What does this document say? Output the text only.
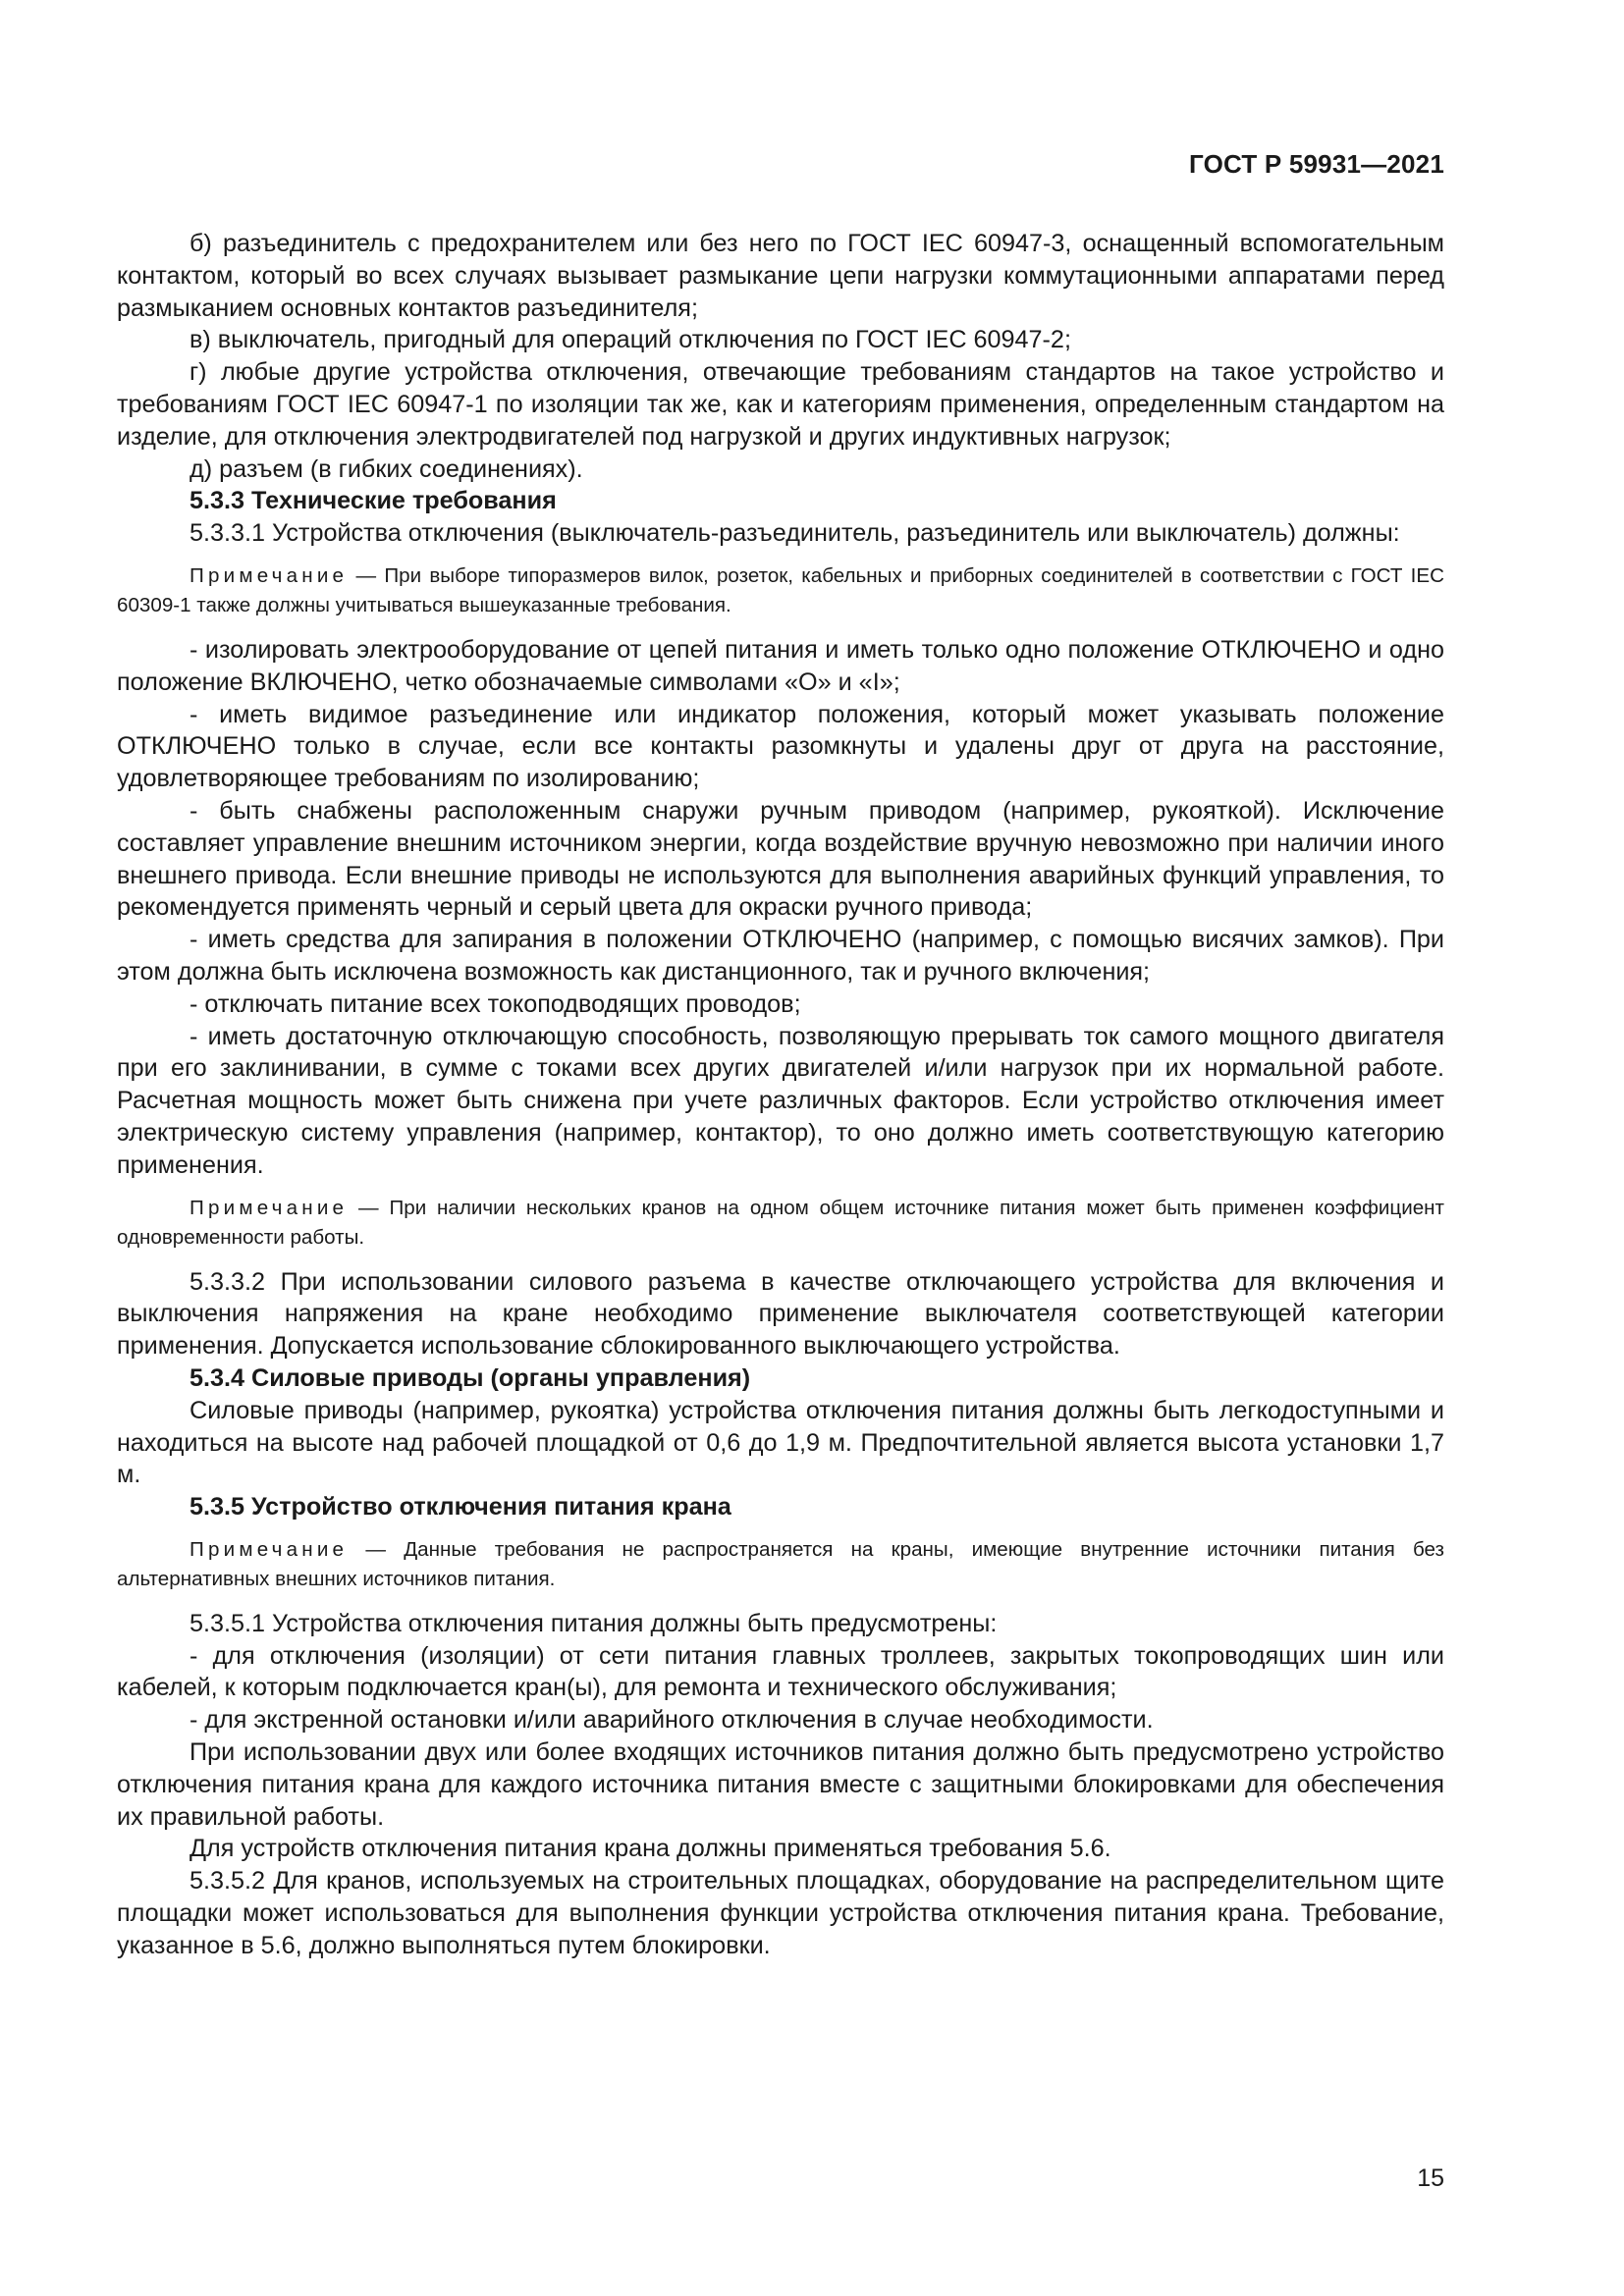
ГОСТ Р 59931—2021

б) разъединитель с предохранителем или без него по ГОСТ IEC 60947-3, оснащенный вспомогательным контактом, который во всех случаях вызывает размыкание цепи нагрузки коммутационными аппаратами перед размыканием основных контактов разъединителя;

в) выключатель, пригодный для операций отключения по ГОСТ IEC 60947-2;

г) любые другие устройства отключения, отвечающие требованиям стандартов на такое устройство и требованиям ГОСТ IEC 60947-1 по изоляции так же, как и категориям применения, определенным стандартом на изделие, для отключения электродвигателей под нагрузкой и других индуктивных нагрузок;

д) разъем (в гибких соединениях).

5.3.3 Технические требования

5.3.3.1 Устройства отключения (выключатель-разъединитель, разъединитель или выключатель) должны:

Примечание — При выборе типоразмеров вилок, розеток, кабельных и приборных соединителей в соответствии с ГОСТ IEC 60309-1 также должны учитываться вышеуказанные требования.

- изолировать электрооборудование от цепей питания и иметь только одно положение ОТКЛЮЧЕНО и одно положение ВКЛЮЧЕНО, четко обозначаемые символами «O» и «I»;

- иметь видимое разъединение или индикатор положения, который может указывать положение ОТКЛЮЧЕНО только в случае, если все контакты разомкнуты и удалены друг от друга на расстояние, удовлетворяющее требованиям по изолированию;

- быть снабжены расположенным снаружи ручным приводом (например, рукояткой). Исключение составляет управление внешним источником энергии, когда воздействие вручную невозможно при наличии иного внешнего привода. Если внешние приводы не используются для выполнения аварийных функций управления, то рекомендуется применять черный и серый цвета для окраски ручного привода;

- иметь средства для запирания в положении ОТКЛЮЧЕНО (например, с помощью висячих замков). При этом должна быть исключена возможность как дистанционного, так и ручного включения;

- отключать питание всех токоподводящих проводов;

- иметь достаточную отключающую способность, позволяющую прерывать ток самого мощного двигателя при его заклинивании, в сумме с токами всех других двигателей и/или нагрузок при их нормальной работе. Расчетная мощность может быть снижена при учете различных факторов. Если устройство отключения имеет электрическую систему управления (например, контактор), то оно должно иметь соответствующую категорию применения.

Примечание — При наличии нескольких кранов на одном общем источнике питания может быть применен коэффициент одновременности работы.

5.3.3.2 При использовании силового разъема в качестве отключающего устройства для включения и выключения напряжения на кране необходимо применение выключателя соответствующей категории применения. Допускается использование сблокированного выключающего устройства.

5.3.4 Силовые приводы (органы управления)

Силовые приводы (например, рукоятка) устройства отключения питания должны быть легкодоступными и находиться на высоте над рабочей площадкой от 0,6 до 1,9 м. Предпочтительной является высота установки 1,7 м.

5.3.5 Устройство отключения питания крана

Примечание — Данные требования не распространяется на краны, имеющие внутренние источники питания без альтернативных внешних источников питания.

5.3.5.1 Устройства отключения питания должны быть предусмотрены:

- для отключения (изоляции) от сети питания главных троллеев, закрытых токопроводящих шин или кабелей, к которым подключается кран(ы), для ремонта и технического обслуживания;

- для экстренной остановки и/или аварийного отключения в случае необходимости.

При использовании двух или более входящих источников питания должно быть предусмотрено устройство отключения питания крана для каждого источника питания вместе с защитными блокировками для обеспечения их правильной работы.

Для устройств отключения питания крана должны применяться требования 5.6.

5.3.5.2 Для кранов, используемых на строительных площадках, оборудование на распределительном щите площадки может использоваться для выполнения функции устройства отключения питания крана. Требование, указанное в 5.6, должно выполняться путем блокировки.

15
